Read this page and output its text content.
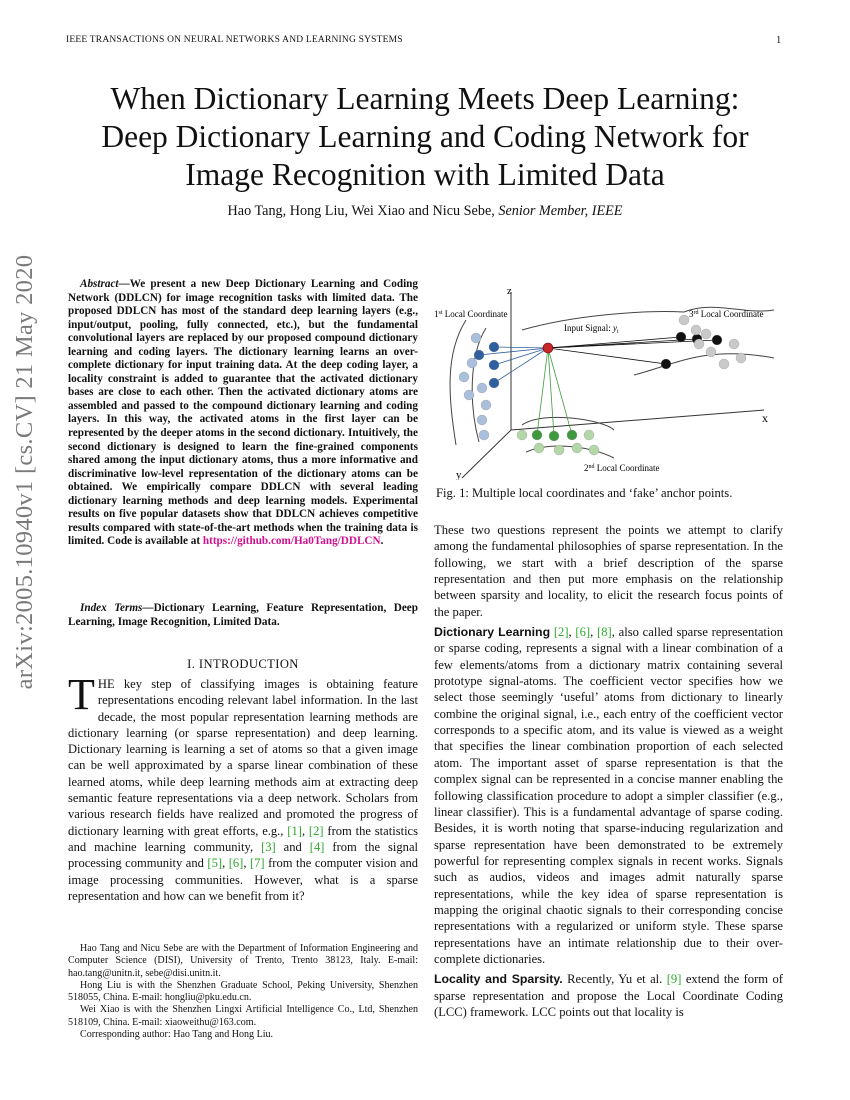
IEEE TRANSACTIONS ON NEURAL NETWORKS AND LEARNING SYSTEMS	1
arXiv:2005.10940v1 [cs.CV] 21 May 2020
When Dictionary Learning Meets Deep Learning:
Deep Dictionary Learning and Coding Network for
Image Recognition with Limited Data
Hao Tang, Hong Liu, Wei Xiao and Nicu Sebe, Senior Member, IEEE
Abstract—We present a new Deep Dictionary Learning and Coding Network (DDLCN) for image recognition tasks with limited data. The proposed DDLCN has most of the standard deep learning layers (e.g., input/output, pooling, fully connected, etc.), but the fundamental convolutional layers are replaced by our proposed compound dictionary learning and coding layers. The dictionary learning learns an over-complete dictionary for input training data. At the deep coding layer, a locality constraint is added to guarantee that the activated dictionary bases are close to each other. Then the activated dictionary atoms are assembled and passed to the compound dictionary learning and coding layers. In this way, the activated atoms in the first layer can be represented by the deeper atoms in the second dictionary. Intuitively, the second dictionary is designed to learn the fine-grained components shared among the input dictionary atoms, thus a more informative and discriminative low-level representation of the dictionary atoms can be obtained. We empirically compare DDLCN with several leading dictionary learning methods and deep learning models. Experimental results on five popular datasets show that DDLCN achieves competitive results compared with state-of-the-art methods when the training data is limited. Code is available at https://github.com/Ha0Tang/DDLCN.
Index Terms—Dictionary Learning, Feature Representation, Deep Learning, Image Recognition, Limited Data.
I. INTRODUCTION
THE key step of classifying images is obtaining feature representations encoding relevant label information. In the last decade, the most popular representation learning methods are dictionary learning (or sparse representation) and deep learning. Dictionary learning is learning a set of atoms so that a given image can be well approximated by a sparse linear combination of these learned atoms, while deep learning methods aim at extracting deep semantic feature representations via a deep network. Scholars from various research fields have realized and promoted the progress of dictionary learning with great efforts, e.g., [1], [2] from the statistics and machine learning community, [3] and [4] from the signal processing community and [5], [6], [7] from the computer vision and image processing communities. However, what is a sparse representation and how can we benefit from it?

Hao Tang and Nicu Sebe are with the Department of Information Engineering and Computer Science (DISI), University of Trento, Trento 38123, Italy. E-mail: hao.tang@unitn.it, sebe@disi.unitn.it.

Hong Liu is with the Shenzhen Graduate School, Peking University, Shenzhen 518055, China. E-mail: hongliu@pku.edu.cn.

Wei Xiao is with the Shenzhen Lingxi Artificial Intelligence Co., Ltd, Shenzhen 518109, China. E-mail: xiaoweithu@163.com.

Corresponding author: Hao Tang and Hong Liu.

z
x
y
1st Local Coordinate	3rd Local Coordinate
2nd Local Coordinate
Input Signal: $y_i$
Fig. 1: Multiple local coordinates and ‘fake’ anchor points.

These two questions represent the points we attempt to clarify among the fundamental philosophies of sparse representation. In the following, we start with a brief description of the sparse representation and then put more emphasis on the relationship between sparsity and locality, to elicit the research focus points of the paper.

Dictionary Learning [2], [6], [8], also called sparse representation or sparse coding, represents a signal with a linear combination of a few elements/atoms from a dictionary matrix containing several prototype signal-atoms. The coefficient vector specifies how we select those seemingly ‘useful’ atoms from dictionary to linearly combine the original signal, i.e., each entry of the coefficient vector corresponds to a specific atom, and its value is viewed as a weight that specifies the linear combination proportion of each selected atom. The important asset of sparse representation is that the complex signal can be represented in a concise manner enabling the following classification procedure to adopt a simpler classifier (e.g., linear classifier). This is a fundamental advantage of sparse coding. Besides, it is worth noting that sparse-inducing regularization and sparse representation have been demonstrated to be extremely powerful for representing complex signals in recent works. Signals such as audios, videos and images admit naturally sparse representations, while the key idea of sparse representation is mapping the original chaotic signals to their corresponding concise representations with a regularized or uniform style. These sparse representations have an intimate relationship due to their over-complete dictionaries.

Locality and Sparsity. Recently, Yu et al. [9] extend the form of sparse representation and propose the Local Coordinate Coding (LCC) framework. LCC points out that locality is
